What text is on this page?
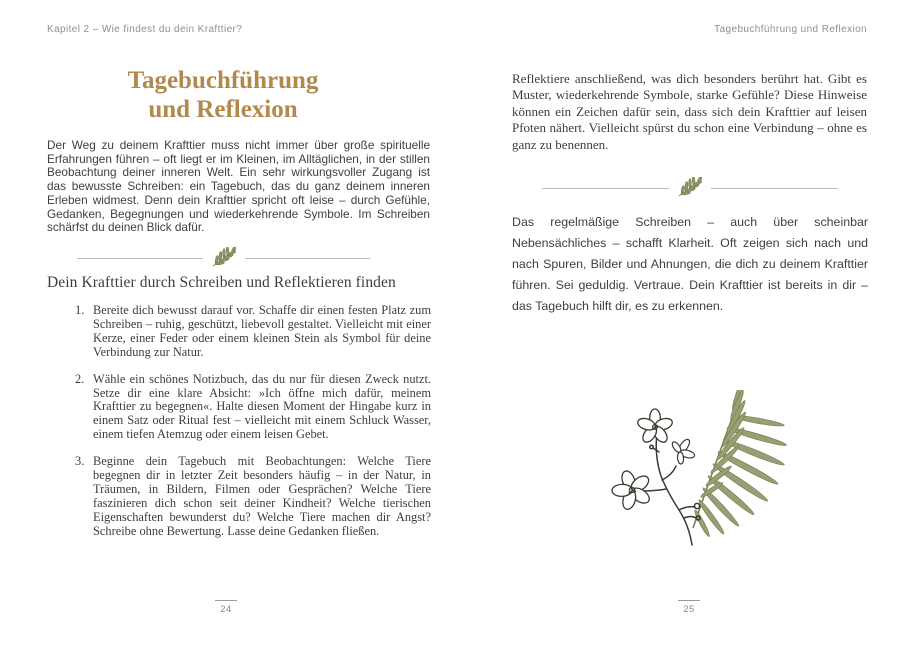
Kapitel 2 – Wie findest du dein Krafttier?	Tagebuchführung und Reflexion
Tagebuchführung
und Reflexion

Der Weg zu deinem Krafttier muss nicht immer über große spirituelle Erfahrungen führen – oft liegt er im Kleinen, im Alltäglichen, in der stillen Beobachtung deiner inneren Welt. Ein sehr wirkungsvoller Zugang ist das bewusste Schreiben: ein Tagebuch, das du ganz deinem inneren Erleben widmest. Denn dein Krafttier spricht oft leise – durch Gefühle, Gedanken, Begegnungen und wiederkehrende Symbole. Im Schreiben schärfst du deinen Blick dafür.

Dein Krafttier durch Schreiben und Reflektieren finden
1. Bereite dich bewusst darauf vor. Schaffe dir einen festen Platz zum Schreiben – ruhig, geschützt, liebevoll gestaltet. Vielleicht mit einer Kerze, einer Feder oder einem kleinen Stein als Symbol für deine Verbindung zur Natur.
2. Wähle ein schönes Notizbuch, das du nur für diesen Zweck nutzt. Setze dir eine klare Absicht: »Ich öffne mich dafür, meinem Krafttier zu begegnen«. Halte diesen Moment der Hingabe kurz in einem Satz oder Ritual fest – vielleicht mit einem Schluck Wasser, einem tiefen Atemzug oder einem leisen Gebet.
3. Beginne dein Tagebuch mit Beobachtungen: Welche Tiere begegnen dir in letzter Zeit besonders häufig – in der Natur, in Träumen, in Bildern, Filmen oder Gesprächen? Welche Tiere faszinieren dich schon seit deiner Kindheit? Welche tierischen Eigenschaften bewunderst du? Welche Tiere machen dir Angst? Schreibe ohne Bewertung. Lasse deine Gedanken fließen.
24

Reflektiere anschließend, was dich besonders berührt hat. Gibt es Muster, wiederkehrende Symbole, starke Gefühle? Diese Hinweise können ein Zeichen dafür sein, dass sich dein Krafttier auf leisen Pfoten nähert. Vielleicht spürst du schon eine Verbindung – ohne es ganz zu benennen.

Das regelmäßige Schreiben – auch über scheinbar Nebensächliches – schafft Klarheit. Oft zeigen sich nach und nach Spuren, Bilder und Ahnungen, die dich zu deinem Krafttier führen. Sei geduldig. Vertraue. Dein Krafttier ist bereits in dir – das Tagebuch hilft dir, es zu erkennen.

25
